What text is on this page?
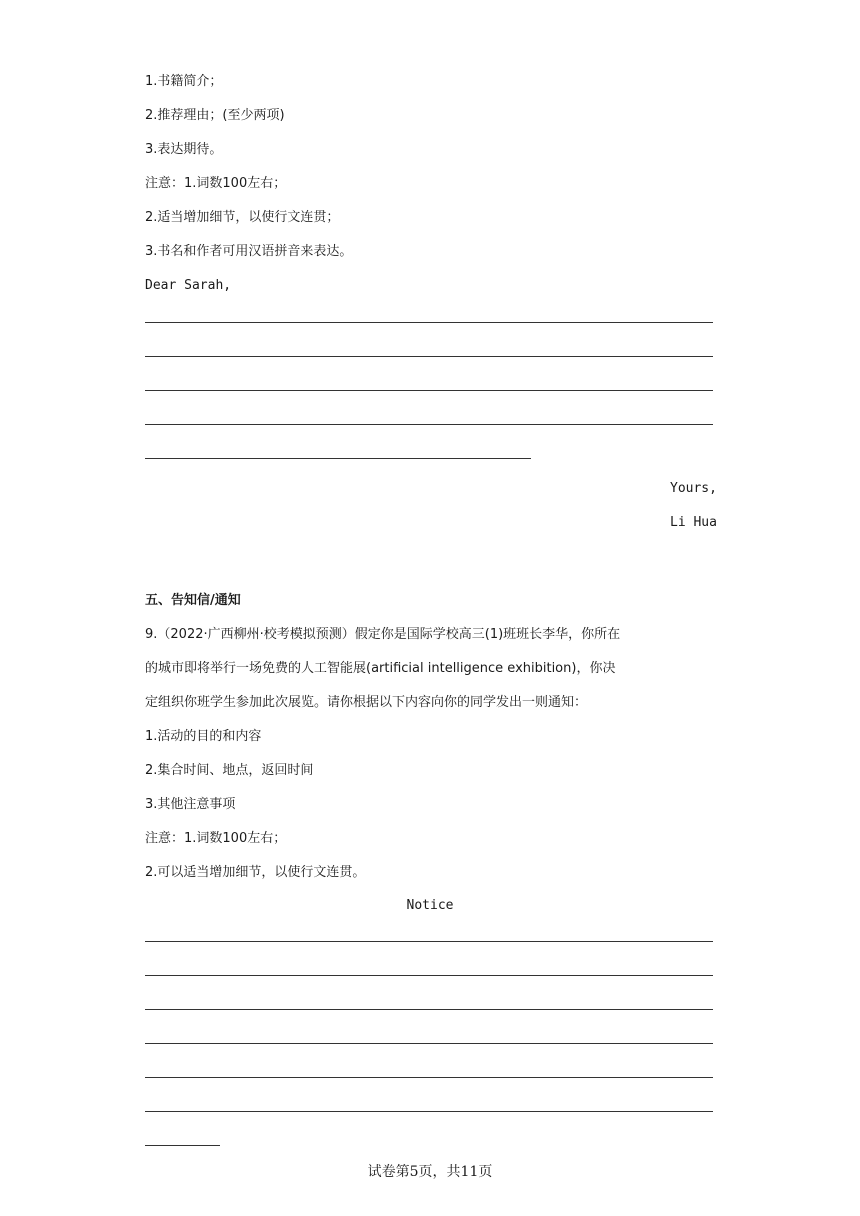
1.书籍简介；
2.推荐理由；(至少两项)
3.表达期待。
注意：1.词数100左右；
2.适当增加细节，以使行文连贯；
3.书名和作者可用汉语拼音来表达。
Dear Sarah,
Yours,
Li Hua
五、告知信/通知
9.（2022·广西柳州·校考模拟预测）假定你是国际学校高三(1)班班长李华，你所在
的城市即将举行一场免费的人工智能展(artificial intelligence exhibition)，你决
定组织你班学生参加此次展览。请你根据以下内容向你的同学发出一则通知：
1.活动的目的和内容
2.集合时间、地点，返回时间
3.其他注意事项
注意：1.词数100左右；
2.可以适当增加细节，以使行文连贯。
Notice
试卷第5页，共11页
